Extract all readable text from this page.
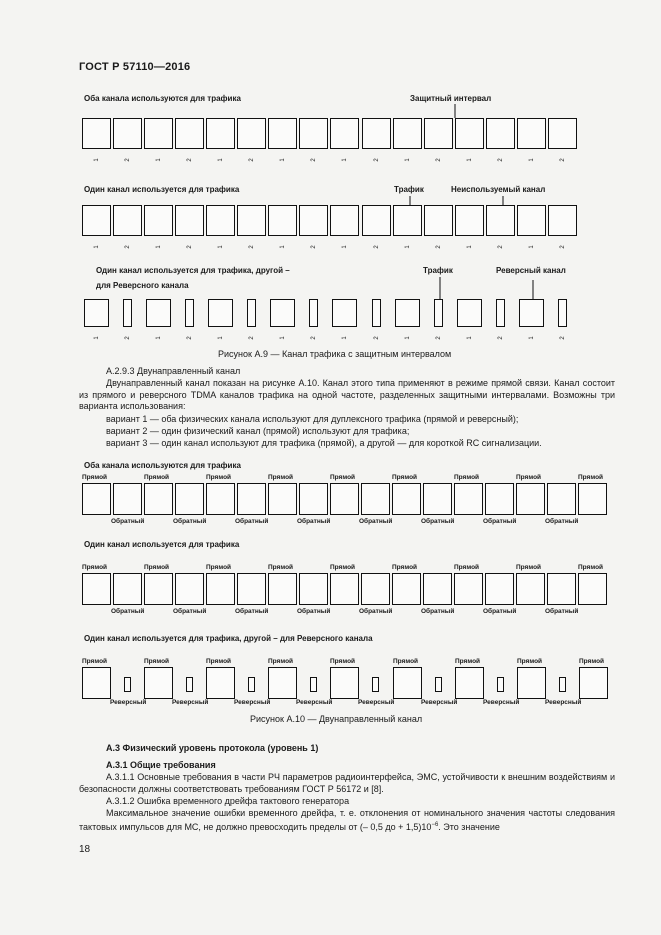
ГОСТ Р 57110—2016
Оба канала используются для трафика	Защитный интервал
1	2	1	2	1	2	1	2	1	2	1	2	1	2	1	2
Один канал используется для трафика	Трафик	Неиспользуемый канал
1	2	1	2	1	2	1	2	1	2	1	2	1	2	1	2
Один канал используется для трафика, другой –
для Реверсного канала
Трафик	Реверсный канал
1	2	1	2	1	2	1	2	1	2	1	2	1	2	1	2
Рисунок А.9 — Канал трафика с защитным интервалом
А.2.9.3 Двунаправленный канал
Двунаправленный канал показан на рисунке А.10. Канал этого типа применяют в режиме прямой связи. Канал состоит из прямого и реверсного TDMA каналов трафика на одной частоте, разделенных защитными интервалами. Возможны три варианта использования:
вариант 1 — оба физических канала используют для дуплексного трафика (прямой и реверсный);
вариант 2 — один физический канал (прямой) используют для трафика;
вариант 3 — один канал используют для трафика (прямой), а другой — для короткой RC сигнализации.
Оба канала используются для трафика
Прямой
Обратный
Прямой
Обратный
Прямой
Обратный
Прямой
Обратный
Прямой
Обратный
Прямой
Обратный
Прямой
Обратный
Прямой
Обратный
Прямой
Один канал используется для трафика
Прямой
Обратный
Прямой
Обратный
Прямой
Обратный
Прямой
Обратный
Прямой
Обратный
Прямой
Обратный
Прямой
Обратный
Прямой
Обратный
Прямой
Один канал используется для трафика, другой – для Реверсного канала
Прямой	Прямой	Прямой	Прямой	Прямой	Прямой	Прямой	Прямой	Прямой
Реверсный	Реверсный	Реверсный	Реверсный	Реверсный	Реверсный	Реверсный	Реверсный
Рисунок А.10 — Двунаправленный канал
А.3 Физический уровень протокола (уровень 1)
А.3.1 Общие требования
А.3.1.1 Основные требования в части РЧ параметров радиоинтерфейса, ЭМС, устойчивости к внешним воздействиям и безопасности должны соответствовать требованиям ГОСТ Р 56172 и [8].
А.3.1.2 Ошибка временного дрейфа тактового генератора
Максимальное значение ошибки временного дрейфа, т. е. отклонения от номинального значения частоты следования тактовых импульсов для МС, не должно превосходить пределы от (– 0,5 до + $1,5)10^{-6}$. Это значение
18
